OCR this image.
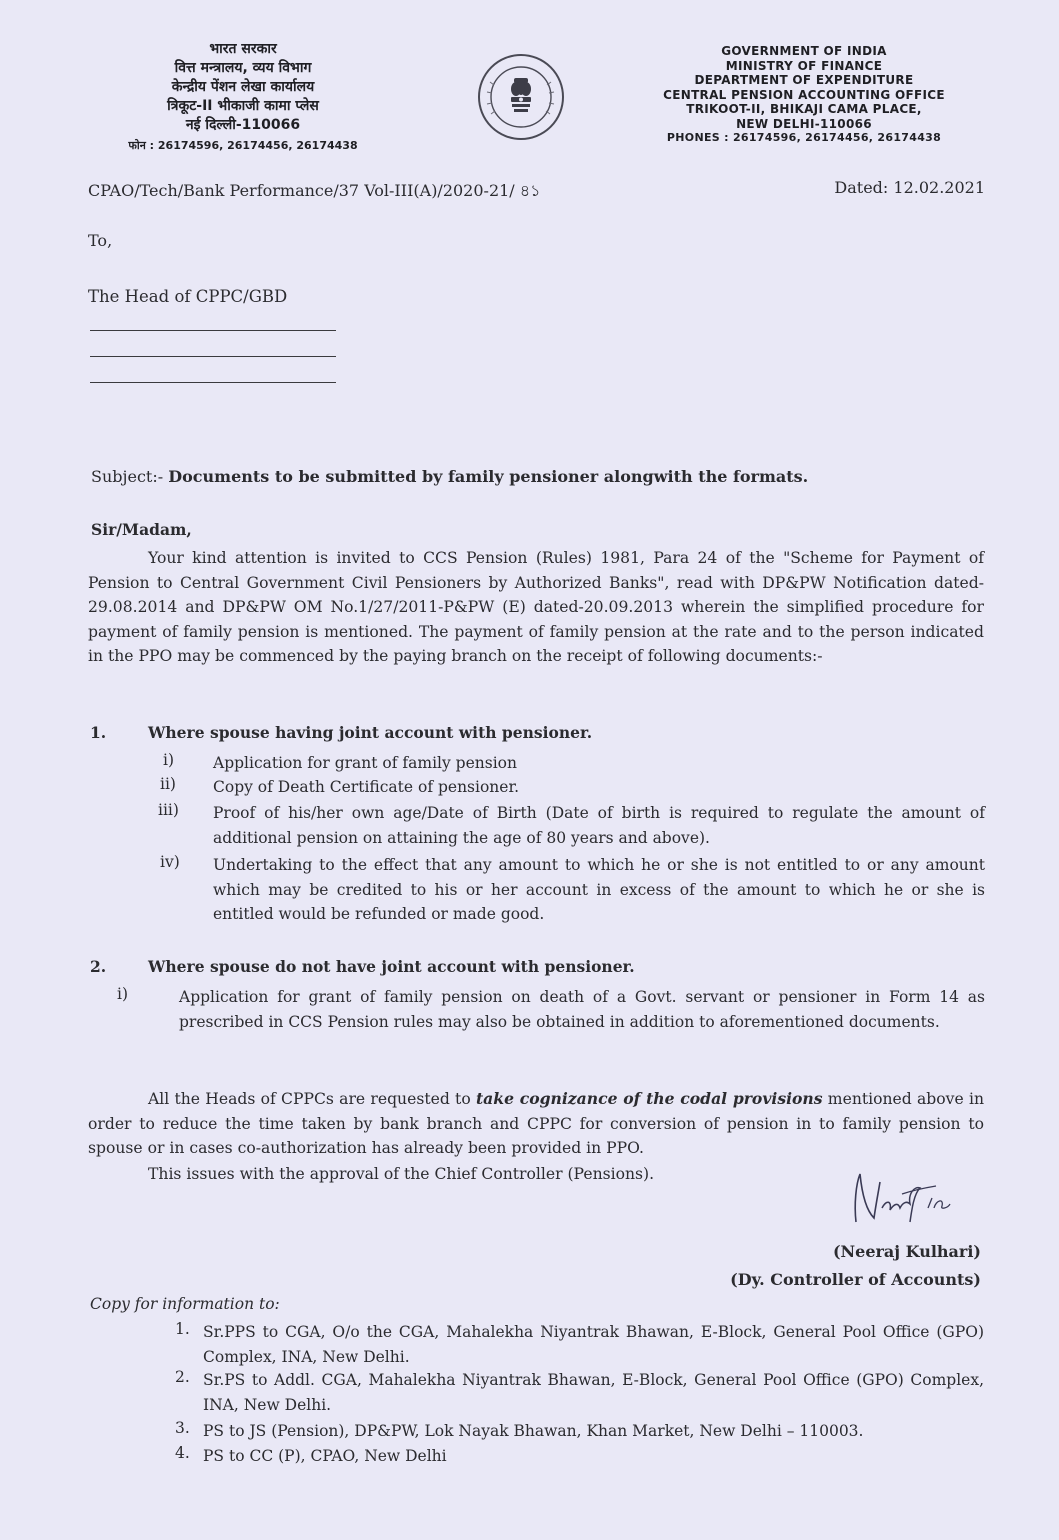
भारत सरकार
वित्त मन्त्रालय, व्यय विभाग
केन्द्रीय पेंशन लेखा कार्यालय
त्रिकूट-II भीकाजी कामा प्लेस
नई दिल्ली-110066
फोन : 26174596, 26174456, 26174438
GOVERNMENT OF INDIA
MINISTRY OF FINANCE
DEPARTMENT OF EXPENDITURE
CENTRAL PENSION ACCOUNTING OFFICE
TRIKOOT-II, BHIKAJI CAMA PLACE,
NEW DELHI-110066
PHONES : 26174596, 26174456, 26174438
CPAO/Tech/Bank Performance/37 Vol-III(A)/2020-21/ ৪১	Dated: 12.02.2021
To,
The Head of CPPC/GBD
Subject:- Documents to be submitted by family pensioner alongwith the formats.
Sir/Madam,
Your kind attention is invited to CCS Pension (Rules) 1981, Para 24 of the "Scheme for Payment of Pension to Central Government Civil Pensioners by Authorized Banks", read with DP&PW Notification dated-29.08.2014 and DP&PW OM No.1/27/2011-P&PW (E) dated-20.09.2013 wherein the simplified procedure for payment of family pension is mentioned. The payment of family pension at the rate and to the person indicated in the PPO may be commenced by the paying branch on the receipt of following documents:-
1.	Where spouse having joint account with pensioner.
i)	Application for grant of family pension
ii) Copy of Death Certificate of pensioner.
iii) Proof of his/her own age/Date of Birth (Date of birth is required to regulate the amount of additional pension on attaining the age of 80 years and above).
iv) Undertaking to the effect that any amount to which he or she is not entitled to or any amount which may be credited to his or her account in excess of the amount to which he or she is entitled would be refunded or made good.
2.	Where spouse do not have joint account with pensioner.
i)	Application for grant of family pension on death of a Govt. servant or pensioner in Form 14 as prescribed in CCS Pension rules may also be obtained in addition to aforementioned documents.
All the Heads of CPPCs are requested to take cognizance of the codal provisions mentioned above in order to reduce the time taken by bank branch and CPPC for conversion of pension in to family pension to spouse or in cases co-authorization has already been provided in PPO.
This issues with the approval of the Chief Controller (Pensions).
(Neeraj Kulhari)
(Dy. Controller of Accounts)
Copy for information to:
1. Sr.PPS to CGA, O/o the CGA, Mahalekha Niyantrak Bhawan, E-Block, General Pool Office (GPO) Complex, INA, New Delhi.
2. Sr.PS to Addl. CGA, Mahalekha Niyantrak Bhawan, E-Block, General Pool Office (GPO) Complex, INA, New Delhi.
3. PS to JS (Pension), DP&PW, Lok Nayak Bhawan, Khan Market, New Delhi – 110003.
4. PS to CC (P), CPAO, New Delhi
